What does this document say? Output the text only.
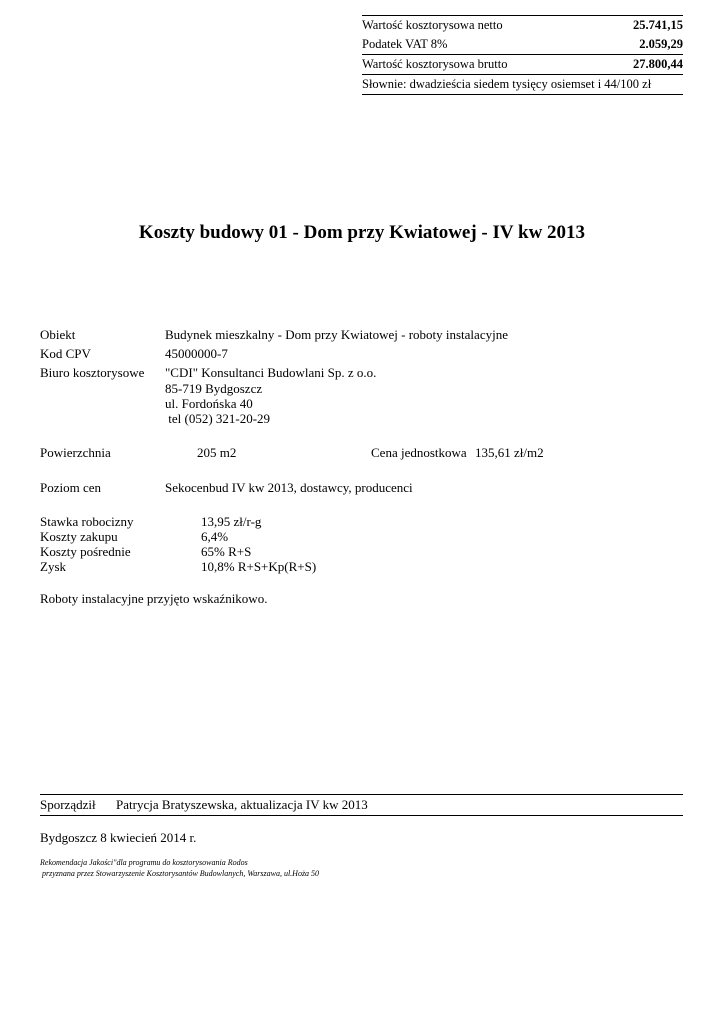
Wartość kosztorysowa netto	25.741,15
Podatek VAT 8%	2.059,29
Wartość kosztorysowa brutto	27.800,44
Słownie: dwadzieścia siedem tysięcy osiemset i 44/100 zł
Koszty budowy 01 - Dom przy Kwiatowej - IV kw 2013
Obiekt	Budynek mieszkalny - Dom przy Kwiatowej - roboty instalacyjne
Kod CPV	45000000-7
Biuro kosztorysowe "CDI" Konsultanci Budowlani Sp. z o.o.
85-719 Bydgoszcz
ul. Fordońska 40
tel (052) 321-20-29
Powierzchnia	205 m2	Cena jednostkowa 135,61 zł/m2
Poziom cen	Sekocenbud IV kw 2013, dostawcy, producenci
Stawka robocizny	13,95 zł/r-g
Koszty zakupu	6,4%
Koszty pośrednie	65% R+S
Zysk	10,8% R+S+Kp(R+S)
Roboty instalacyjne przyjęto wskaźnikowo.
Sporządził Patrycja Bratyszewska, aktualizacja IV kw 2013
Bydgoszcz 8 kwiecień 2014 r.
Rekomendacja Jakości"dla programu do kosztorysowania Rodos
przyznana przez Stowarzyszenie Kosztorysantów Budowlanych, Warszawa, ul.Hoża 50
